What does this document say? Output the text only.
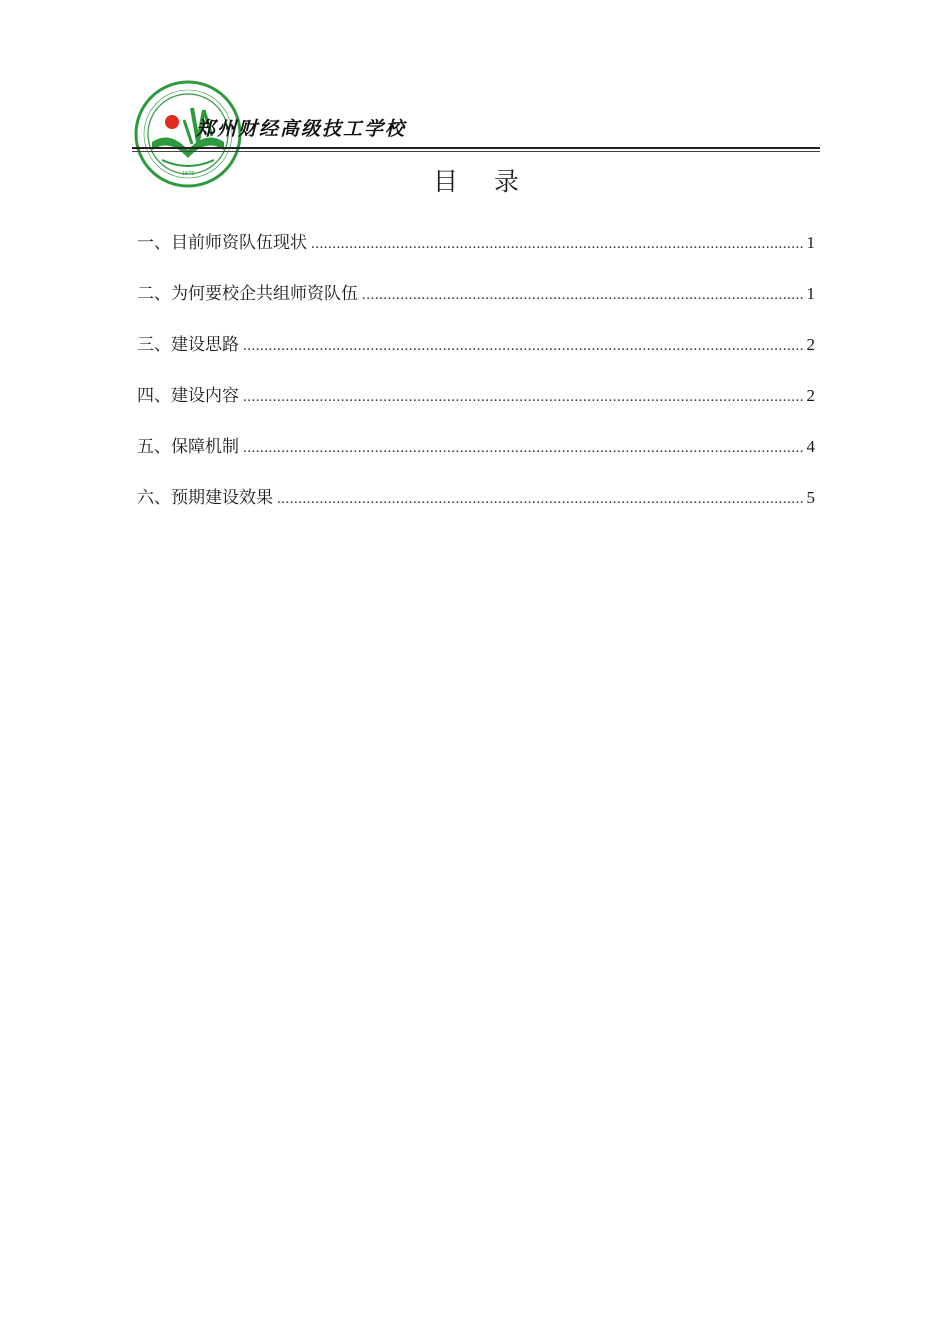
1978
郑州财经高级技工学校
目 录
一、目前师资队伍现状 .....	1
二、为何要校企共组师资队伍 .....	1
三、建设思路 .....	2
四、建设内容 .....	2
五、保障机制 .....	4
六、预期建设效果 .....	5
